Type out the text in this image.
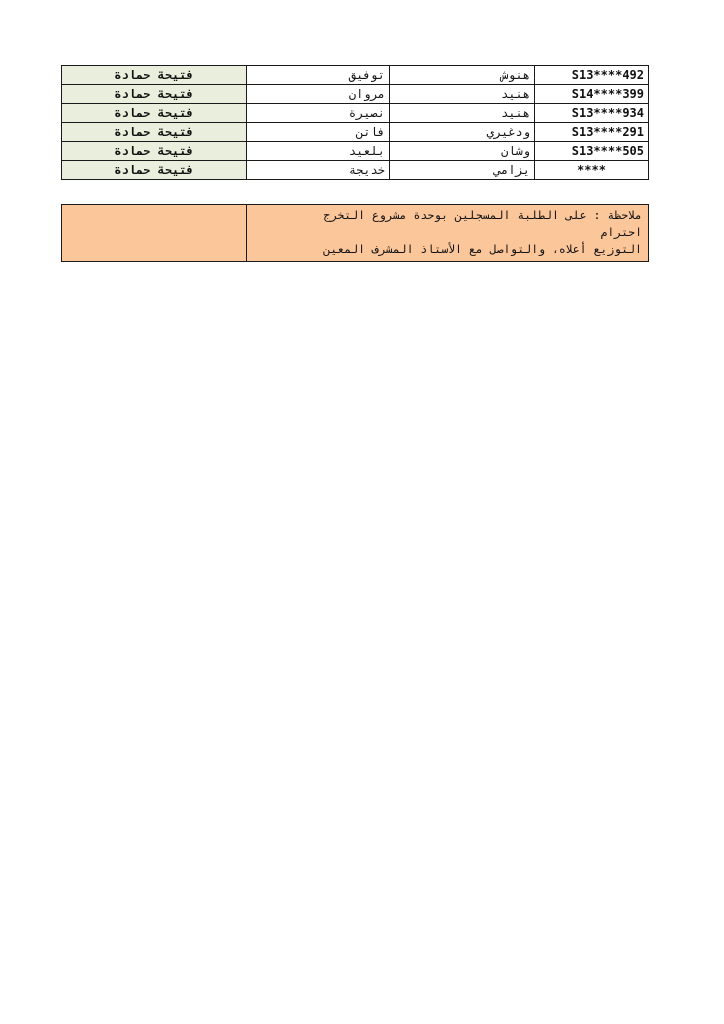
فتيحة حمادة	توفيق	هنوش	S13****492
فتيحة حمادة	مروان	هنيد	S14****399
فتيحة حمادة	نصيرة	هنيد	S13****934
فتيحة حمادة	فاتن	ودغيري	S13****291
فتيحة حمادة	بلعيد	وشان	S13****505
فتيحة حمادة	خديجة	يزامي	****

ملاحظة : على الطلبة المسجلين بوحدة مشروع التخرج
احترام
التوزيع أعلاه، والتواصل مع الأستاذ المشرف المعين
